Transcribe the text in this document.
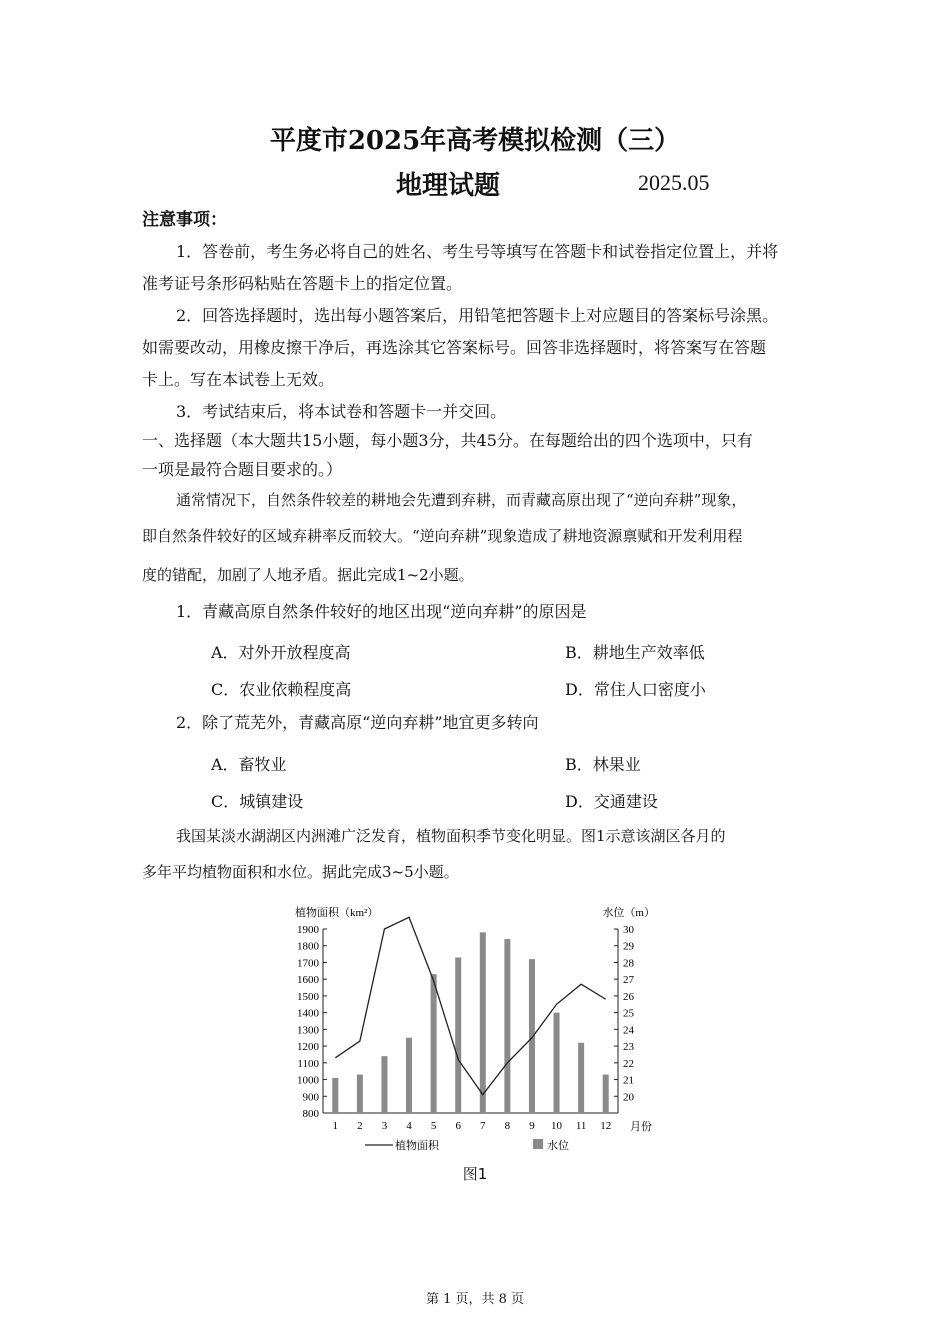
平度市2025年高考模拟检测（三）
地理试题	2025.05
注意事项：
1．答卷前，考生务必将自己的姓名、考生号等填写在答题卡和试卷指定位置上，并将
准考证号条形码粘贴在答题卡上的指定位置。
2．回答选择题时，选出每小题答案后，用铅笔把答题卡上对应题目的答案标号涂黑。
如需要改动，用橡皮擦干净后，再选涂其它答案标号。回答非选择题时，将答案写在答题
卡上。写在本试卷上无效。
3．考试结束后，将本试卷和答题卡一并交回。
一、选择题（本大题共15小题，每小题3分，共45分。在每题给出的四个选项中，只有
一项是最符合题目要求的。）
通常情况下，自然条件较差的耕地会先遭到弃耕，而青藏高原出现了“逆向弃耕”现象，
即自然条件较好的区域弃耕率反而较大。“逆向弃耕”现象造成了耕地资源禀赋和开发利用程
度的错配，加剧了人地矛盾。据此完成1~2小题。
1．青藏高原自然条件较好的地区出现“逆向弃耕”的原因是
A．对外开放程度高	B．耕地生产效率低
C．农业依赖程度高	D．常住人口密度小
2．除了荒芜外，青藏高原“逆向弃耕”地宜更多转向
A．畜牧业	B．林果业
C．城镇建设	D．交通建设
我国某淡水湖湖区内洲滩广泛发育，植物面积季节变化明显。图1示意该湖区各月的
多年平均植物面积和水位。据此完成3~5小题。
植物面积（km²）	水位（m）
1900
1800
1700
1600
1500
1400
1300
1200
1100
1000
900
800
30
29
28
27
26
25
24
23
22
21
20
1 2 3 4 5 6 7 8 9 10 11 12 月份
植物面积	水位
图1
第 1 页，共 8 页
